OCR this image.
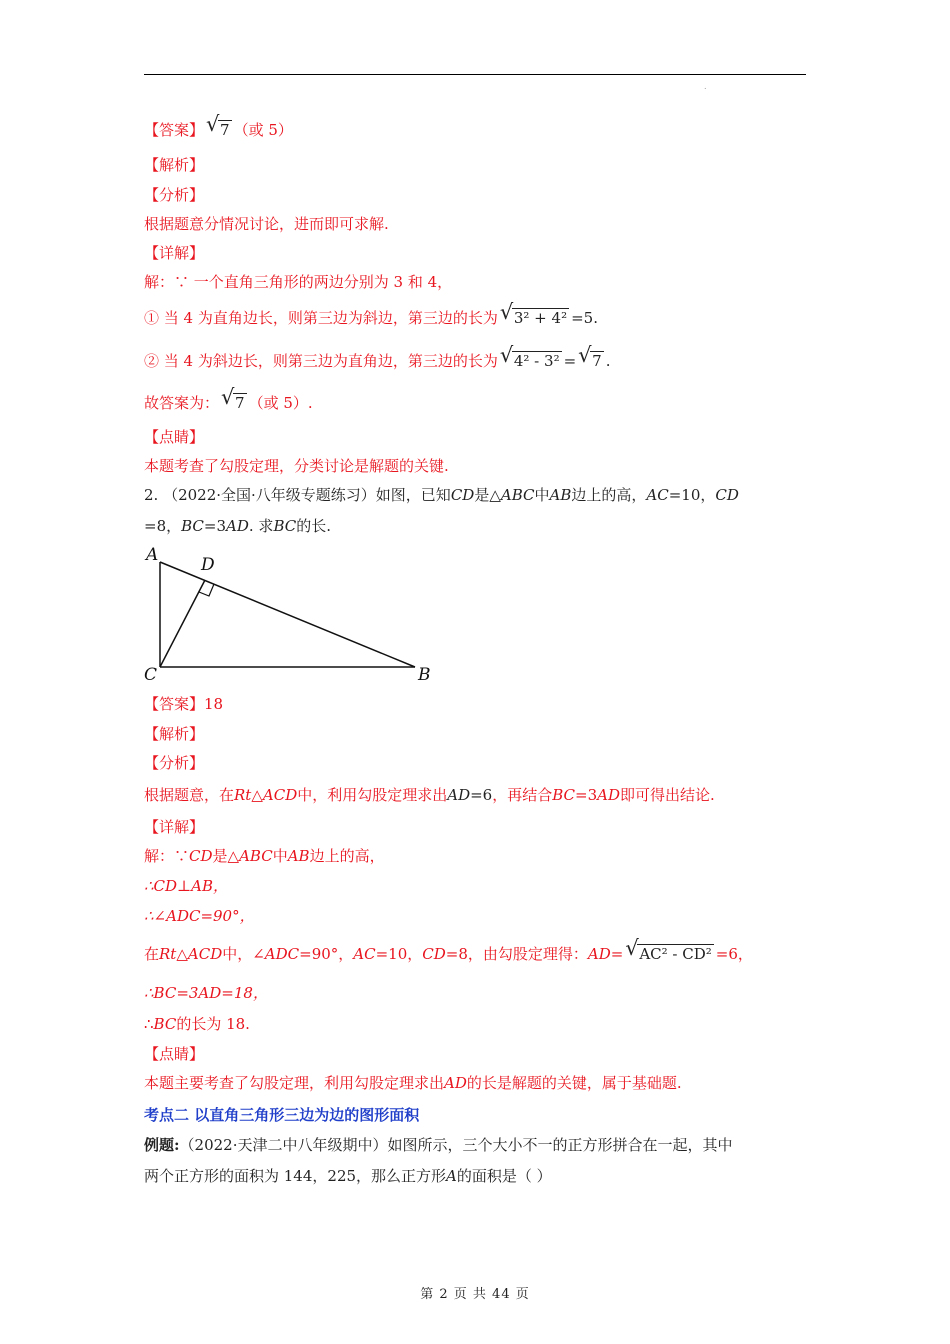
.
【答案】 √ 7 （或 5）
【解析】
【分析】
根据题意分情况讨论，进而即可求解.
【详解】
解：∵ 一个直角三角形的两边分别为 3 和 4，
① 当 4 为直角边长，则第三边为斜边，第三边的长为 √ 3² + 4² =5.
② 当 4 为斜边长，则第三边为直角边，第三边的长为 √ 4² - 3² = √ 7 .
故答案为： √ 7 （或 5）.
【点睛】
本题考查了勾股定理，分类讨论是解题的关键.
2. （2022·全国·八年级专题练习）如图，已知CD是△ABC中AB边上的高，AC=10，CD
=8，BC=3AD. 求BC的长.
A	D
C	B
【答案】18
【解析】
【分析】
根据题意，在Rt△ACD中，利用勾股定理求出AD=6，再结合BC=3AD即可得出结论.
【详解】
解：∵CD是△ABC中AB边上的高，
∴CD⊥AB，
∴∠ADC=90°，
在Rt△ACD中，∠ADC=90°，AC=10，CD=8，由勾股定理得：AD= √ AC² - CD² =6，
∴BC=3AD=18，
∴BC的长为 18.
【点睛】
本题主要考查了勾股定理，利用勾股定理求出AD的长是解题的关键，属于基础题.
考点二 以直角三角形三边为边的图形面积
例题:（2022·天津二中八年级期中）如图所示，三个大小不一的正方形拼合在一起，其中
两个正方形的面积为 144，225，那么正方形A的面积是（ ）
第 2 页 共 44 页
